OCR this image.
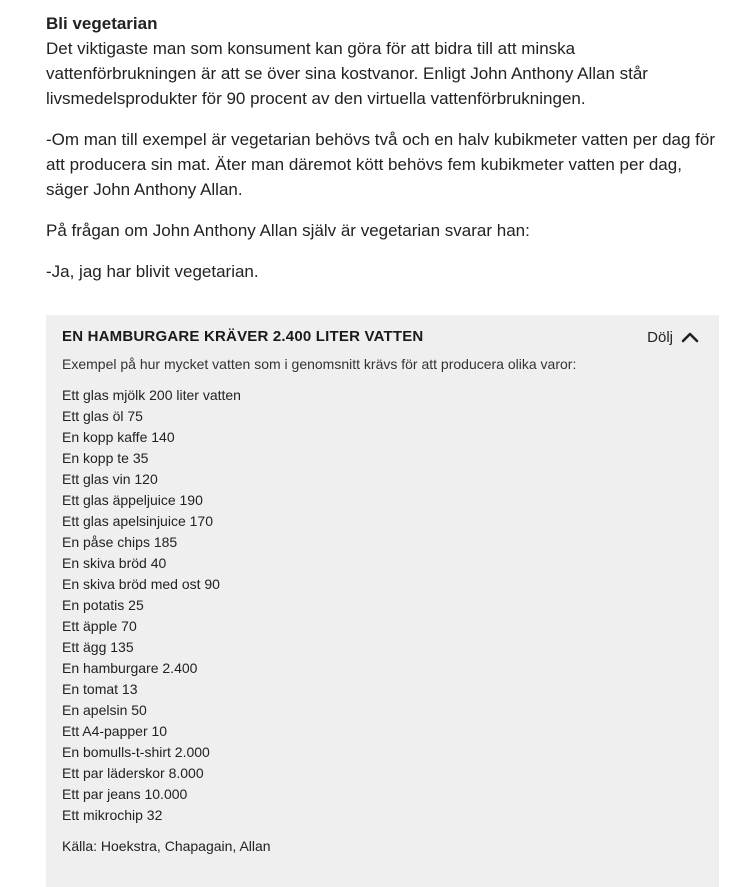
Bli vegetarian

Det viktigaste man som konsument kan göra för att bidra till att minska vattenförbrukningen är att se över sina kostvanor. Enligt John Anthony Allan står livsmedelsprodukter för 90 procent av den virtuella vattenförbrukningen.

-Om man till exempel är vegetarian behövs två och en halv kubikmeter vatten per dag för att producera sin mat. Äter man däremot kött behövs fem kubikmeter vatten per dag, säger John Anthony Allan.

På frågan om John Anthony Allan själv är vegetarian svarar han:

-Ja, jag har blivit vegetarian.

EN HAMBURGARE KRÄVER 2.400 LITER VATTEN	Dölj
Exempel på hur mycket vatten som i genomsnitt krävs för att producera olika varor:
Ett glas mjölk 200 liter vatten
Ett glas öl 75
En kopp kaffe 140
En kopp te 35
Ett glas vin 120
Ett glas äppeljuice 190
Ett glas apelsinjuice 170
En påse chips 185
En skiva bröd 40
En skiva bröd med ost 90
En potatis 25
Ett äpple 70
Ett ägg 135
En hamburgare 2.400
En tomat 13
En apelsin 50
Ett A4-papper 10
En bomulls-t-shirt 2.000
Ett par läderskor 8.000
Ett par jeans 10.000
Ett mikrochip 32
Källa: Hoekstra, Chapagain, Allan
